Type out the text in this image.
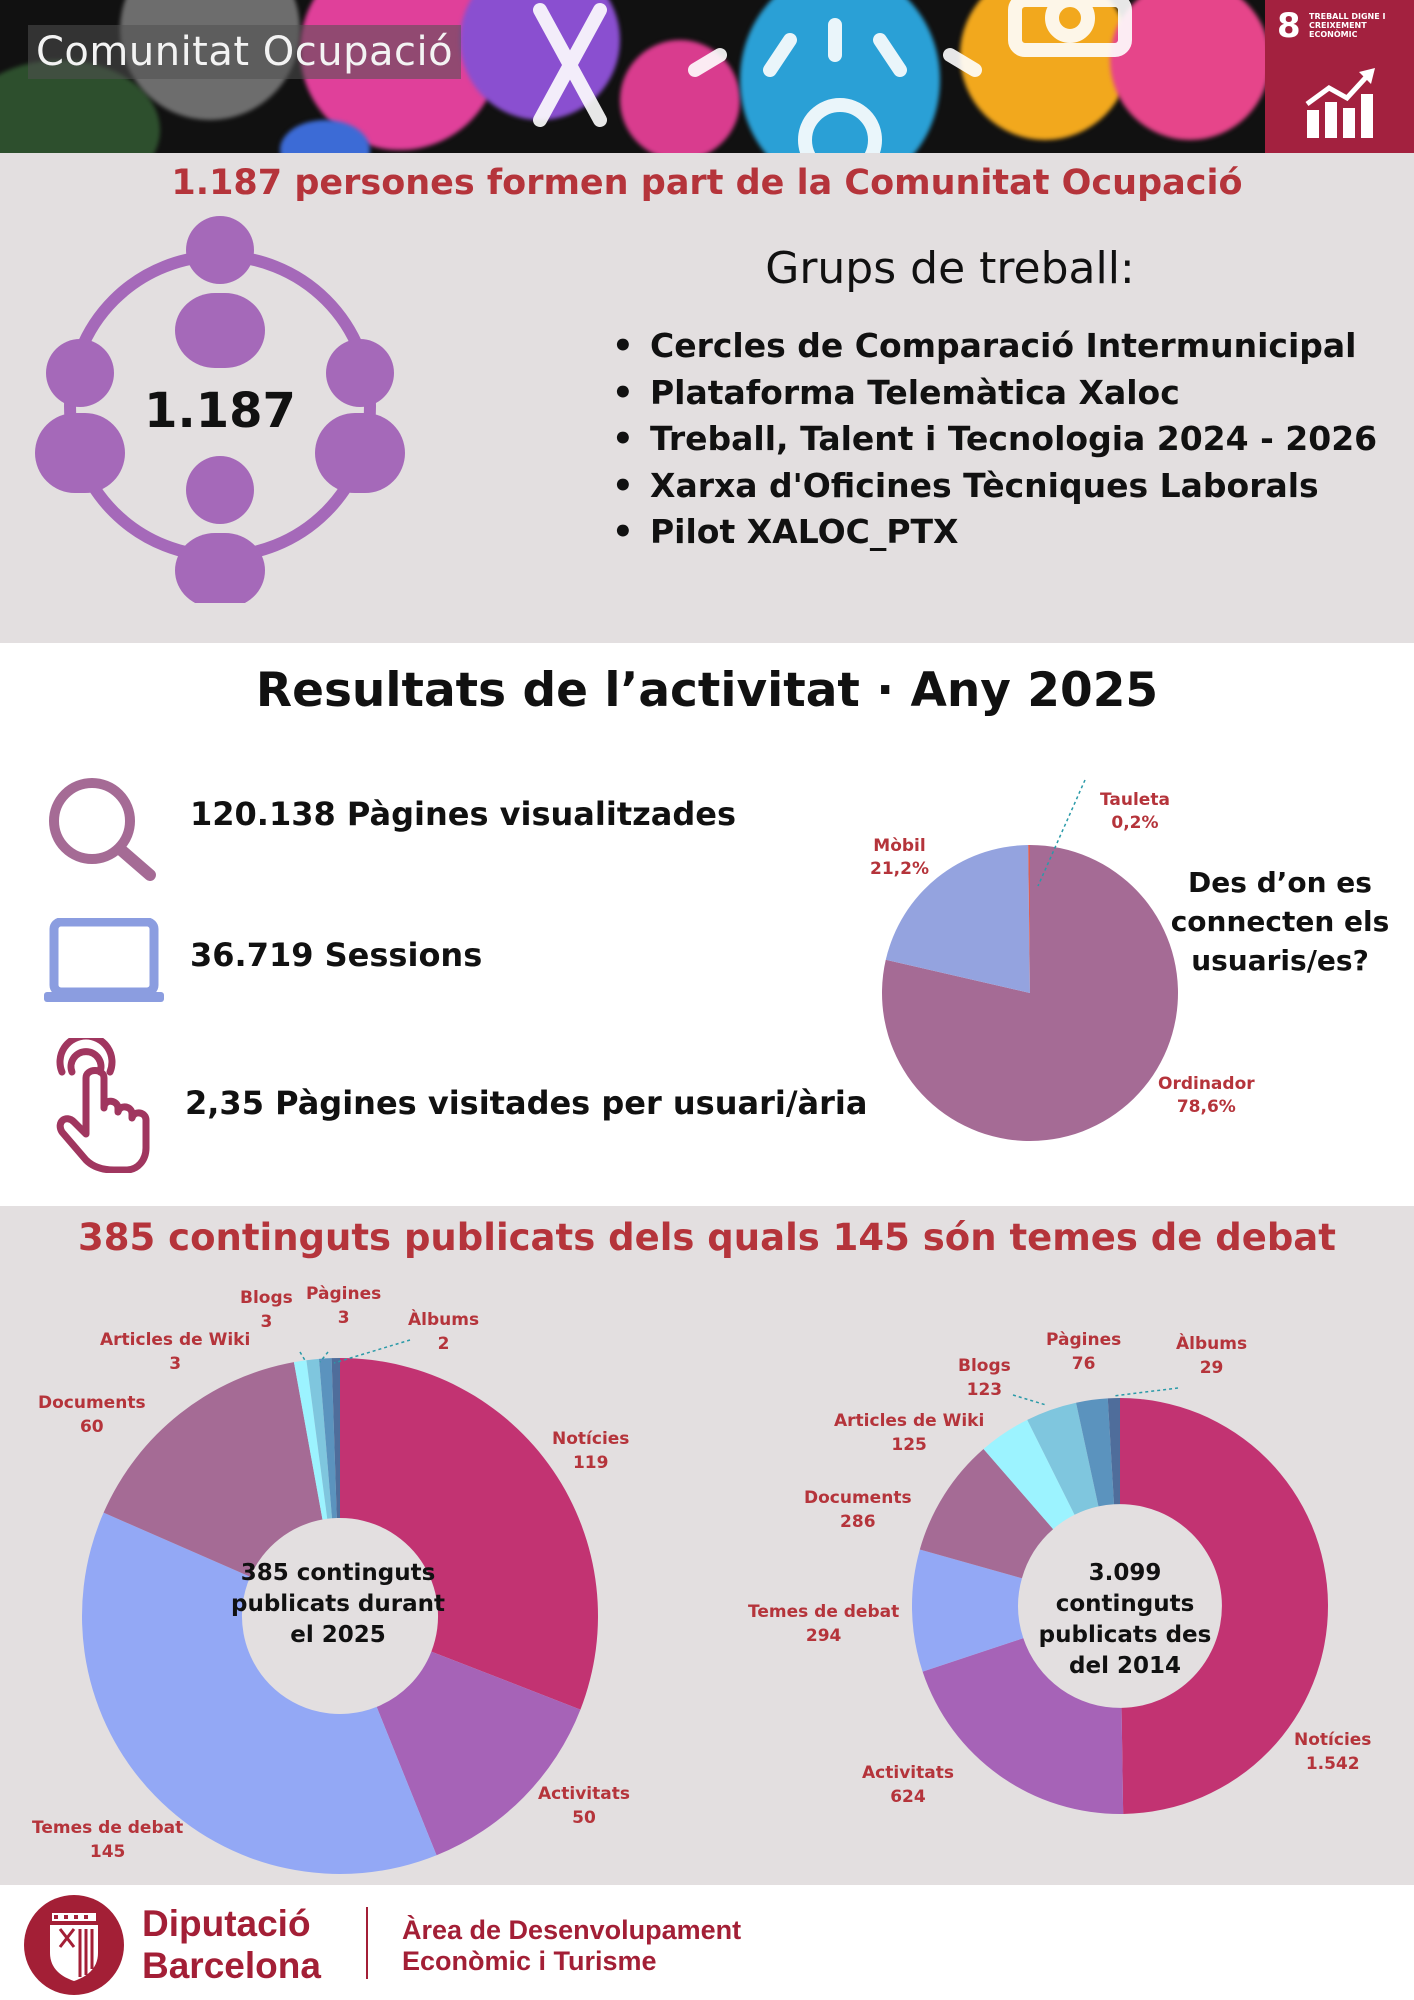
Comunitat Ocupació
8 TREBALL DIGNE I CREIXEMENT ECONÒMIC
1.187 persones formen part de la Comunitat Ocupació
1.187
Grups de treball:
• Cercles de Comparació Intermunicipal
• Plataforma Telemàtica Xaloc
• Treball, Talent i Tecnologia 2024 - 2026
• Xarxa d'Oficines Tècniques Laborals
• Pilot XALOC_PTX
Resultats de l’activitat · Any 2025
120.138 Pàgines visualitzades
36.719 Sessions
2,35 Pàgines visitades per usuari/ària
Tauleta
0,2%
Mòbil
21,2%
Ordinador
78,6%
Des d’on es connecten els usuaris/es?
385 continguts publicats dels quals 145 són temes de debat
385 continguts publicats durant el 2025
3.099 continguts publicats des del 2014
Notícies
119
Activitats
50
Temes de debat
145
Documents
60
Articles de Wiki
3
Blogs
3
Pàgines
3	Àlbums
2
Notícies
1.542
Activitats
624
Temes de debat
294
Documents
286
Articles de Wiki
125
Blogs
123
Pàgines
76
Àlbums
29
Diputació
Barcelona
Àrea de Desenvolupament
Econòmic i Turisme
